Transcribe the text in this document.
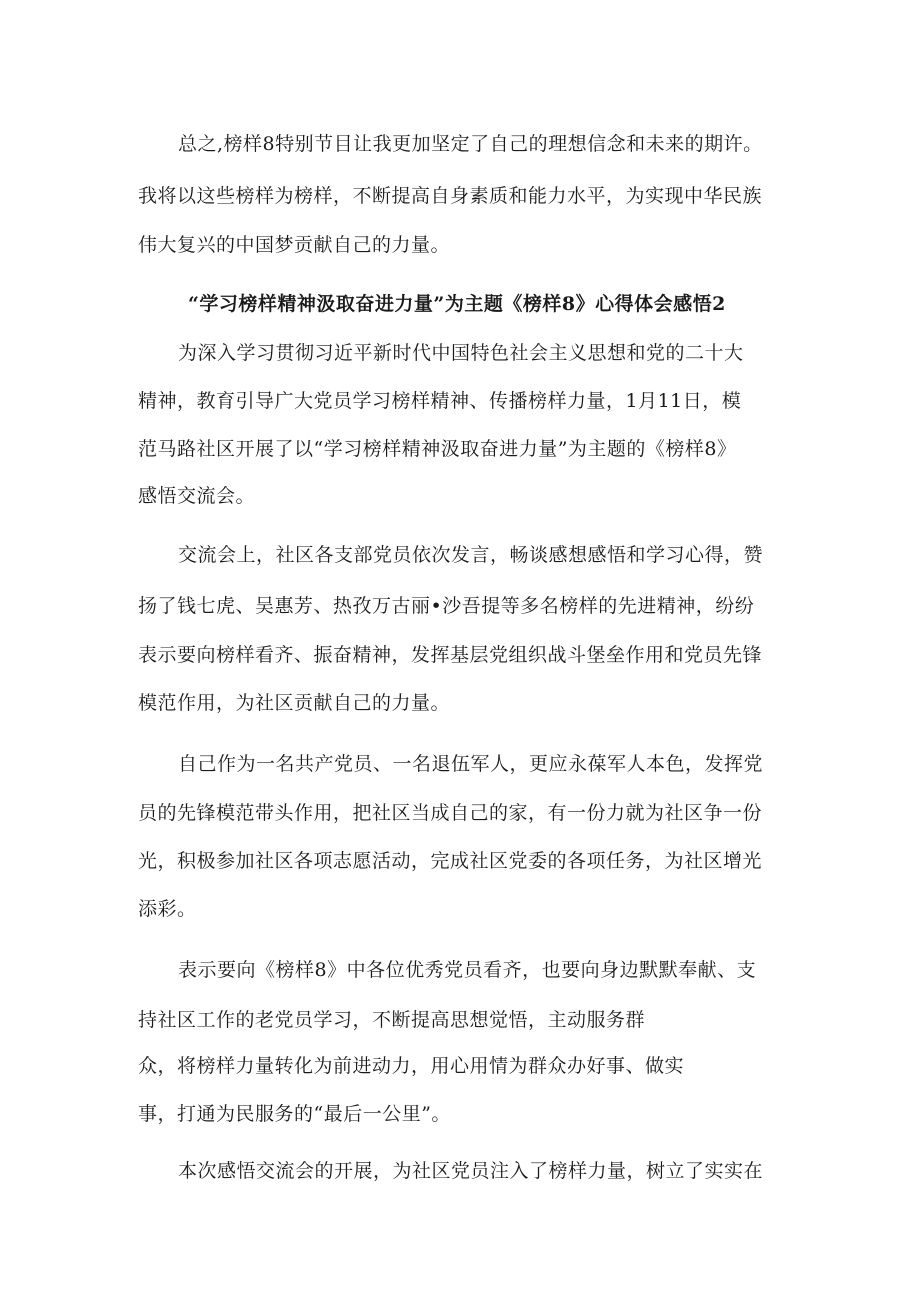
总之,榜样8特别节目让我更加坚定了自己的理想信念和未来的期许。
我将以这些榜样为榜样，不断提高自身素质和能力水平，为实现中华民族
伟大复兴的中国梦贡献自己的力量。
“学习榜样精神汲取奋进力量”为主题《榜样8》心得体会感悟2
为深入学习贯彻习近平新时代中国特色社会主义思想和党的二十大
精神，教育引导广大党员学习榜样精神、传播榜样力量，1月11日，模
范马路社区开展了以“学习榜样精神汲取奋进力量”为主题的《榜样8》
感悟交流会。
交流会上，社区各支部党员依次发言，畅谈感想感悟和学习心得，赞
扬了钱七虎、吴惠芳、热孜万古丽•沙吾提等多名榜样的先进精神，纷纷
表示要向榜样看齐、振奋精神，发挥基层党组织战斗堡垒作用和党员先锋
模范作用，为社区贡献自己的力量。
自己作为一名共产党员、一名退伍军人，更应永葆军人本色，发挥党
员的先锋模范带头作用，把社区当成自己的家，有一份力就为社区争一份
光，积极参加社区各项志愿活动，完成社区党委的各项任务，为社区增光
添彩。
表示要向《榜样8》中各位优秀党员看齐，也要向身边默默奉献、支
持社区工作的老党员学习，不断提高思想觉悟，主动服务群
众，将榜样力量转化为前进动力，用心用情为群众办好事、做实
事，打通为民服务的“最后一公里”。
本次感悟交流会的开展，为社区党员注入了榜样力量，树立了实实在
